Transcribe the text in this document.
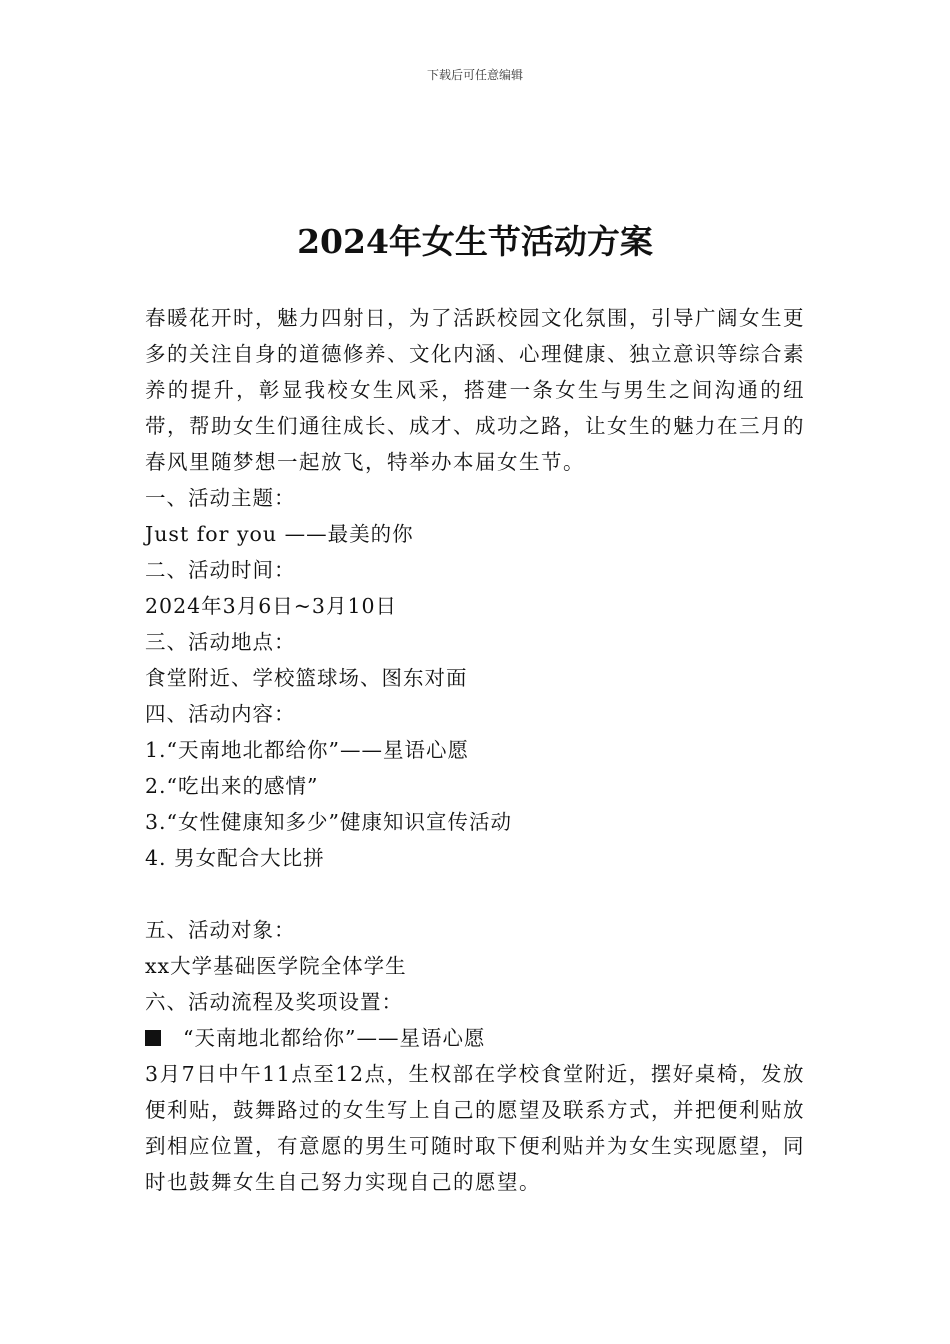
下载后可任意编辑
2024年女生节活动方案

春暖花开时，魅力四射日，为了活跃校园文化氛围，引导广阔女生更多的关注自身的道德修养、文化内涵、心理健康、独立意识等综合素养的提升，彰显我校女生风采，搭建一条女生与男生之间沟通的纽带，帮助女生们通往成长、成才、成功之路，让女生的魅力在三月的春风里随梦想一起放飞，特举办本届女生节。

一、活动主题：

Just for you ——最美的你

二、活动时间：

2024年3月6日~3月10日

三、活动地点：

食堂附近、学校篮球场、图东对面

四、活动内容：

1.“天南地北都给你”——星语心愿

2.“吃出来的感情”

3.“女性健康知多少”健康知识宣传活动

4. 男女配合大比拼

五、活动对象：

xx大学基础医学院全体学生

六、活动流程及奖项设置：

“天南地北都给你”——星语心愿

3月7日中午11点至12点，生权部在学校食堂附近，摆好桌椅，发放便利贴，鼓舞路过的女生写上自己的愿望及联系方式，并把便利贴放到相应位置，有意愿的男生可随时取下便利贴并为女生实现愿望，同时也鼓舞女生自己努力实现自己的愿望。
